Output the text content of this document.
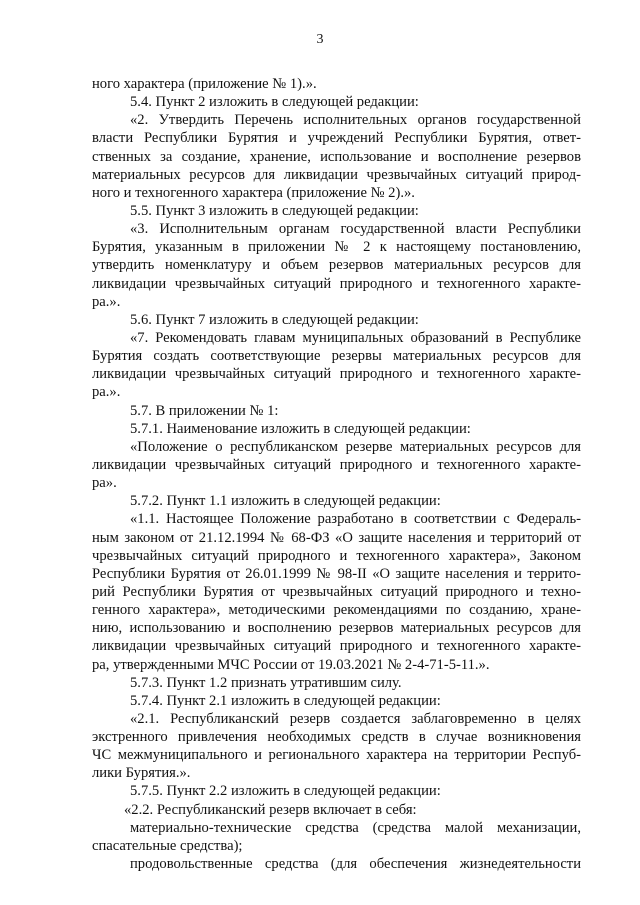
3
ного характера (приложение № 1).».
5.4. Пункт 2 изложить в следующей редакции:
«2. Утвердить Перечень исполнительных органов государственной
власти Республики Бурятия и учреждений Республики Бурятия, ответ-
ственных за создание, хранение, использование и восполнение резервов
материальных ресурсов для ликвидации чрезвычайных ситуаций природ-
ного и техногенного характера (приложение № 2).».
5.5. Пункт 3 изложить в следующей редакции:
«3. Исполнительным органам государственной власти Республики
Бурятия, указанным в приложении № 2 к настоящему постановлению,
утвердить номенклатуру и объем резервов материальных ресурсов для
ликвидации чрезвычайных ситуаций природного и техногенного характе-
ра.».
5.6. Пункт 7 изложить в следующей редакции:
«7. Рекомендовать главам муниципальных образований в Республике
Бурятия создать соответствующие резервы материальных ресурсов для
ликвидации чрезвычайных ситуаций природного и техногенного характе-
ра.».
5.7. В приложении № 1:
5.7.1. Наименование изложить в следующей редакции:
«Положение о республиканском резерве материальных ресурсов для
ликвидации чрезвычайных ситуаций природного и техногенного характе-
ра».
5.7.2. Пункт 1.1 изложить в следующей редакции:
«1.1. Настоящее Положение разработано в соответствии с Федераль-
ным законом от 21.12.1994 № 68-ФЗ «О защите населения и территорий от
чрезвычайных ситуаций природного и техногенного характера», Законом
Республики Бурятия от 26.01.1999 № 98-II «О защите населения и террито-
рий Республики Бурятия от чрезвычайных ситуаций природного и техно-
генного характера», методическими рекомендациями по созданию, хране-
нию, использованию и восполнению резервов материальных ресурсов для
ликвидации чрезвычайных ситуаций природного и техногенного характе-
ра, утвержденными МЧС России от 19.03.2021 № 2-4-71-5-11.».
5.7.3. Пункт 1.2 признать утратившим силу.
5.7.4. Пункт 2.1 изложить в следующей редакции:
«2.1. Республиканский резерв создается заблаговременно в целях
экстренного привлечения необходимых средств в случае возникновения
ЧС межмуниципального и регионального характера на территории Респуб-
лики Бурятия.».
5.7.5. Пункт 2.2 изложить в следующей редакции:
«2.2. Республиканский резерв включает в себя:
материально-технические средства (средства малой механизации,
спасательные средства);
продовольственные средства (для обеспечения жизнедеятельности
